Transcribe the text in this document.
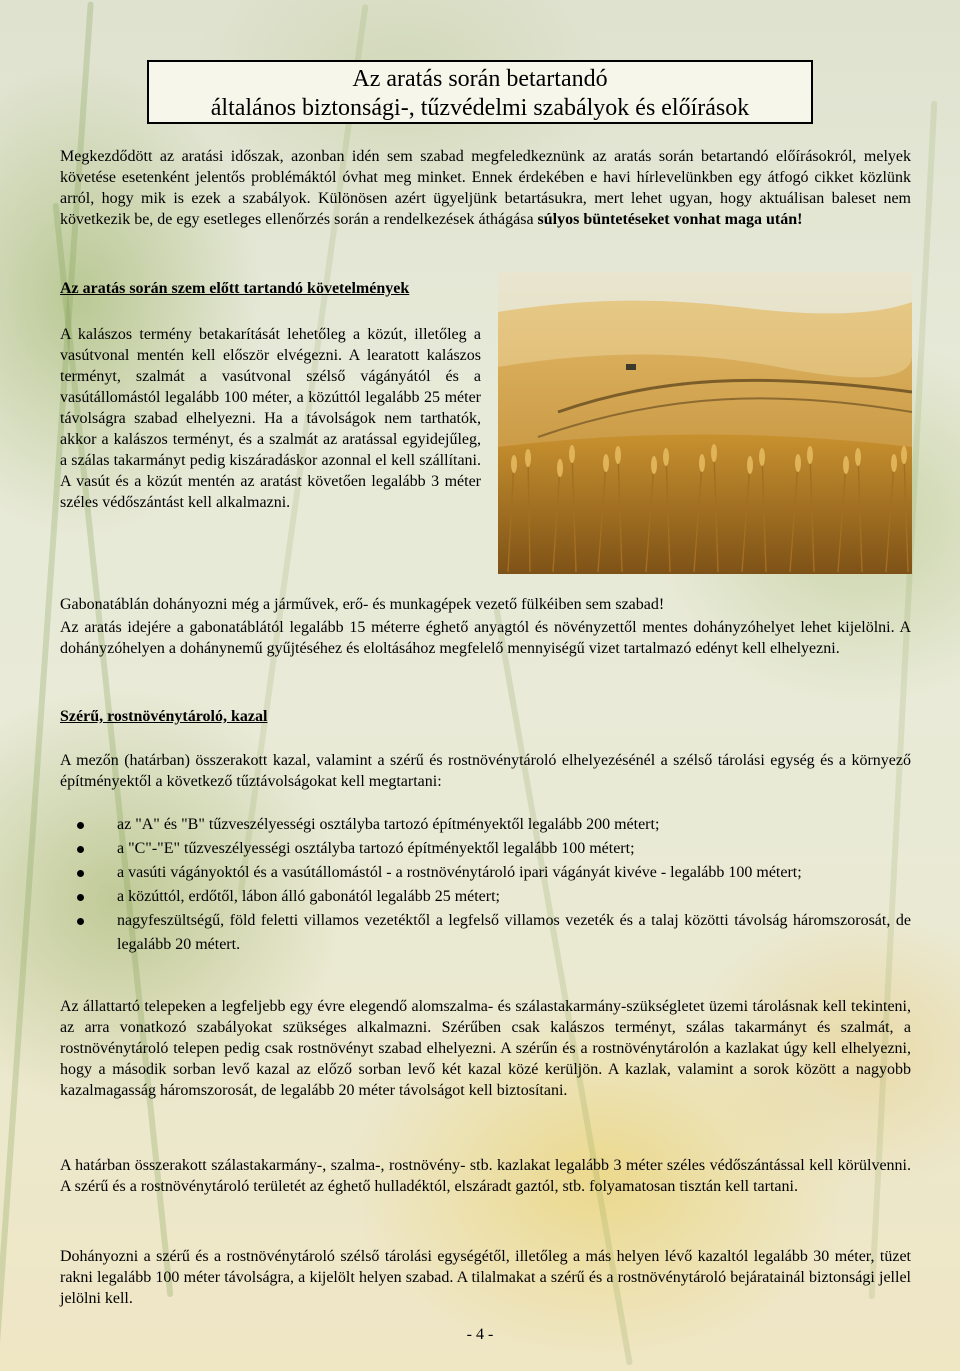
Az aratás során betartandó
általános biztonsági-, tűzvédelmi szabályok és előírások

Megkezdődött az aratási időszak, azonban idén sem szabad megfeledkeznünk az aratás során betartandó előírásokról, melyek követése esetenként jelentős problémáktól óvhat meg minket. Ennek érdekében e havi hírlevelünkben egy átfogó cikket közlünk arról, hogy mik is ezek a szabályok. Különösen azért ügyeljünk betartásukra, mert lehet ugyan, hogy aktuálisan baleset nem következik be, de egy esetleges ellenőrzés során a rendelkezések áthágása súlyos büntetéseket vonhat maga után!

Az aratás során szem előtt tartandó követelmények

A kalászos termény betakarítását lehetőleg a közút, illetőleg a vasútvonal mentén kell először elvégezni. A learatott kalászos terményt, szalmát a vasútvonal szélső vágányától és a vasútállomástól legalább 100 méter, a közúttól legalább 25 méter távolságra szabad elhelyezni. Ha a távolságok nem tarthatók, akkor a kalászos terményt, és a szalmát az aratással egyidejűleg, a szálas takarmányt pedig kiszáradáskor azonnal el kell szállítani. A vasút és a közút mentén az aratást követően legalább 3 méter széles védőszántást kell alkalmazni.

Gabonatáblán dohányozni még a járművek, erő- és munkagépek vezető fülkéiben sem szabad!

Az aratás idejére a gabonatáblától legalább 15 méterre éghető anyagtól és növényzettől mentes dohányzóhelyet lehet kijelölni. A dohányzóhelyen a dohánynemű gyűjtéséhez és eloltásához megfelelő mennyiségű vizet tartalmazó edényt kell elhelyezni.

Szérű, rostnövénytároló, kazal

A mezőn (határban) összerakott kazal, valamint a szérű és rostnövénytároló elhelyezésénél a szélső tárolási egység és a környező építményektől a következő tűztávolságokat kell megtartani:

az "A" és "B" tűzveszélyességi osztályba tartozó építményektől legalább 200 métert;
a "C"-"E" tűzveszélyességi osztályba tartozó építményektől legalább 100 métert;
a vasúti vágányoktól és a vasútállomástól - a rostnövénytároló ipari vágányát kivéve - legalább 100 métert;
a közúttól, erdőtől, lábon álló gabonától legalább 25 métert;
nagyfeszültségű, föld feletti villamos vezetéktől a legfelső villamos vezeték és a talaj közötti távolság háromszorosát, de legalább 20 métert.

Az állattartó telepeken a legfeljebb egy évre elegendő alomszalma- és szálastakarmány-szükségletet üzemi tárolásnak kell tekinteni, az arra vonatkozó szabályokat szükséges alkalmazni. Szérűben csak kalászos terményt, szálas takarmányt és szalmát, a rostnövénytároló telepen pedig csak rostnövényt szabad elhelyezni. A szérűn és a rostnövénytárolón a kazlakat úgy kell elhelyezni, hogy a második sorban levő kazal az előző sorban levő két kazal közé kerüljön. A kazlak, valamint a sorok között a nagyobb kazalmagasság háromszorosát, de legalább 20 méter távolságot kell biztosítani.

A határban összerakott szálastakarmány-, szalma-, rostnövény- stb. kazlakat legalább 3 méter széles védőszántással kell körülvenni. A szérű és a rostnövénytároló területét az éghető hulladéktól, elszáradt gaztól, stb. folyamatosan tisztán kell tartani.

Dohányozni a szérű és a rostnövénytároló szélső tárolási egységétől, illetőleg a más helyen lévő kazaltól legalább 30 méter, tüzet rakni legalább 100 méter távolságra, a kijelölt helyen szabad. A tilalmakat a szérű és a rostnövénytároló bejáratainál biztonsági jellel jelölni kell.

- 4 -
